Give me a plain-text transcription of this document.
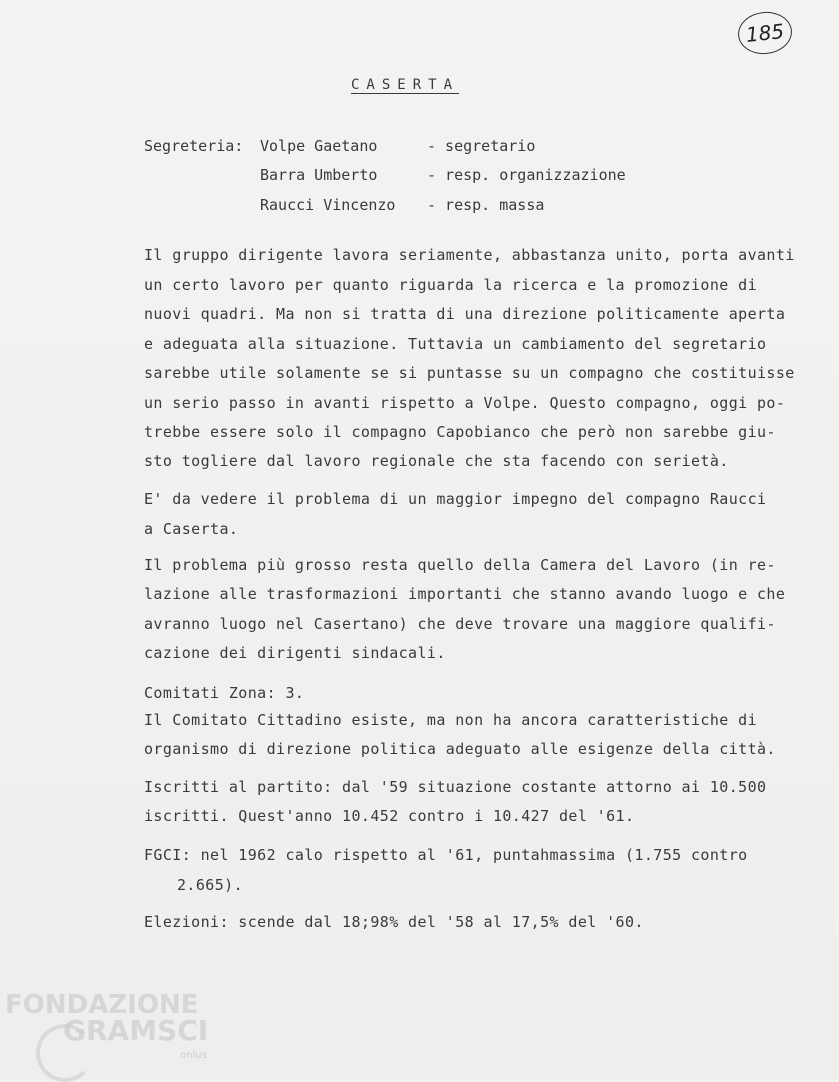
185
CASERTA
Segreteria: Volpe Gaetano	- segretario
Barra Umberto	- resp. organizzazione
Raucci Vincenzo - resp. massa
Il gruppo dirigente lavora seriamente, abbastanza unito, porta avanti
un certo lavoro per quanto riguarda la ricerca e la promozione di
nuovi quadri. Ma non si tratta di una direzione politicamente aperta
e adeguata alla situazione. Tuttavia un cambiamento del segretario
sarebbe utile solamente se si puntasse su un compagno che costituisse
un serio passo in avanti rispetto a Volpe. Questo compagno, oggi po-
trebbe essere solo il compagno Capobianco che però non sarebbe giu-
sto togliere dal lavoro regionale che sta facendo con serietà.
E' da vedere il problema di un maggior impegno del compagno Raucci
a Caserta.
Il problema più grosso resta quello della Camera del Lavoro (in re-
lazione alle trasformazioni importanti che stanno avando luogo e che
avranno luogo nel Casertano) che deve trovare una maggiore qualifi-
cazione dei dirigenti sindacali.
Comitati Zona: 3.
Il Comitato Cittadino esiste, ma non ha ancora caratteristiche di
organismo di direzione politica adeguato alle esigenze della città.
Iscritti al partito: dal '59 situazione costante attorno ai 10.500
iscritti. Quest'anno 10.452 contro i 10.427 del '61.
FGCI: nel 1962 calo rispetto al '61, puntahmassima (1.755 contro
2.665).
Elezioni: scende dal 18;98% del '58 al 17,5% del '60.
FONDAZIONE
GRAMSCI
onlus
